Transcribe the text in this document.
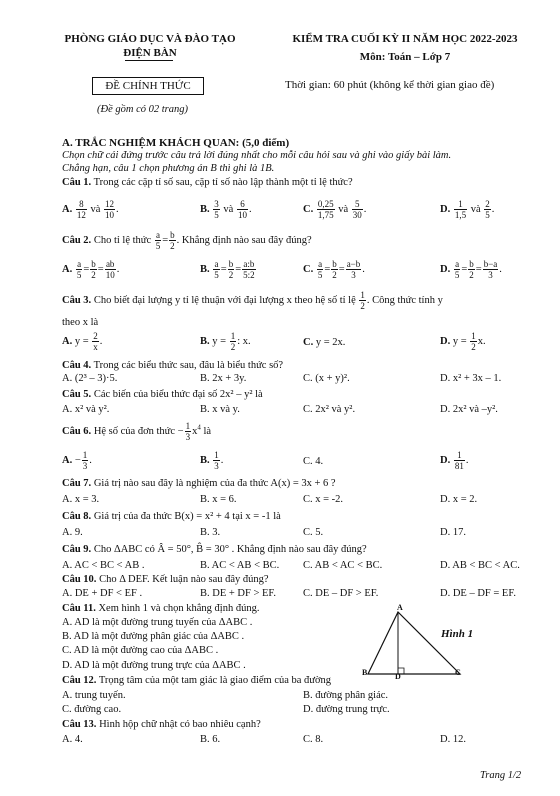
PHÒNG GIÁO DỤC VÀ ĐÀO TẠO
ĐIỆN BÀN
KIỂM TRA CUỐI KỲ II NĂM HỌC 2022-2023
Môn: Toán – Lớp 7
ĐỀ CHÍNH THỨC	Thời gian: 60 phút (không kể thời gian giao đề)
(Đề gồm có 02 trang)
A. TRẮC NGHIỆM KHÁCH QUAN: (5,0 điểm)
Chọn chữ cái đứng trước câu trả lời đúng nhất cho mỗi câu hỏi sau và ghi vào giấy bài làm.
Chẳng hạn, câu 1 chọn phương án B thì ghi là 1B.
Câu 1. Trong các cặp tỉ số sau, cặp tỉ số nào lập thành một tỉ lệ thức?
A. $\frac{8}{12}$ và $\frac{12}{10}$ .	B. $\frac{3}{5}$ và $\frac{6}{10}$ .	C. $\frac{0,25}{1,75}$ và $\frac{5}{30}$ .	D. $\frac{1}{1,5}$ và $\frac{2}{5}$ .
Câu 2. Cho tỉ lệ thức $\frac{a}{5} = \frac{b}{2}$ . Khẳng định nào sau đây đúng?
A. $\frac{a}{5} = \frac{b}{2} = \frac{ab}{10}$ .	B. $\frac{a}{5} = \frac{b}{2} = \frac{a:b}{5:2}$	C. $\frac{a}{5} = \frac{b}{2} = \frac{a-b}{3}$ .	D. $\frac{a}{5} = \frac{b}{2} = \frac{b-a}{3}$ .
Câu 3. Cho biết đại lượng y tỉ lệ thuận với đại lượng x theo hệ số tỉ lệ $\frac{1}{2}$ . Công thức tính y
theo x là
A. $y = \frac{2}{x}$ .	B. $y = \frac{1}{2}$ : x.	C. y = 2x.	D. $y = \frac{1}{2} x$.
Câu 4. Trong các biểu thức sau, đâu là biểu thức số?
A. (2³ – 3)·5.	B. 2x + 3y.	C. (x + y)².	D. x² + 3x – 1.
Câu 5. Các biến của biểu thức đại số 2x² – y² là
A. x² và y².	B. x và y.	C. 2x² và y².	D. 2x² và –y².
Câu 6. Hệ số của đơn thức − $\frac{1}{3} x^4$ là
A. − $\frac{1}{3}$ .	B. $\frac{1}{3}$ .	C. 4.	D. $\frac{1}{81}$ .
Câu 7. Giá trị nào sau đây là nghiệm của đa thức A(x) = 3x + 6 ?
A. x = 3.	B. x = 6.	C. x = -2.	D. x = 2.
Câu 8. Giá trị của đa thức B(x) = x² + 4 tại x = -1 là
A. 9.	B. 3.	C. 5.	D. 17.
Câu 9. Cho ΔABC có Â = 50°, B̂ = 30° . Khẳng định nào sau đây đúng?
A. AC < BC < AB .	B. AC < AB < BC. C. AB < AC < BC.	D. AB < BC < AC.
Câu 10. Cho Δ DEF. Kết luận nào sau đây đúng?
A. DE + DF < EF .	B. DE + DF > EF.	C. DE – DF > EF.	D. DE – DF = EF.
Câu 11. Xem hình 1 và chọn khẳng định đúng.
A. AD là một đường trung tuyến của ΔABC .
B. AD là một đường phân giác của ΔABC .
C. AD là một đường cao của ΔABC .
D. AD là một đường trung trực của ΔABC .
A
B	C
D
Hình 1
Câu 12. Trọng tâm của một tam giác là giao điểm của ba đường
A. trung tuyến.	B. đường phân giác.
C. đường cao.	D. đường trung trực.
Câu 13. Hình hộp chữ nhật có bao nhiêu cạnh?
A. 4.	B. 6.	C. 8.	D. 12.
Trang 1/2
